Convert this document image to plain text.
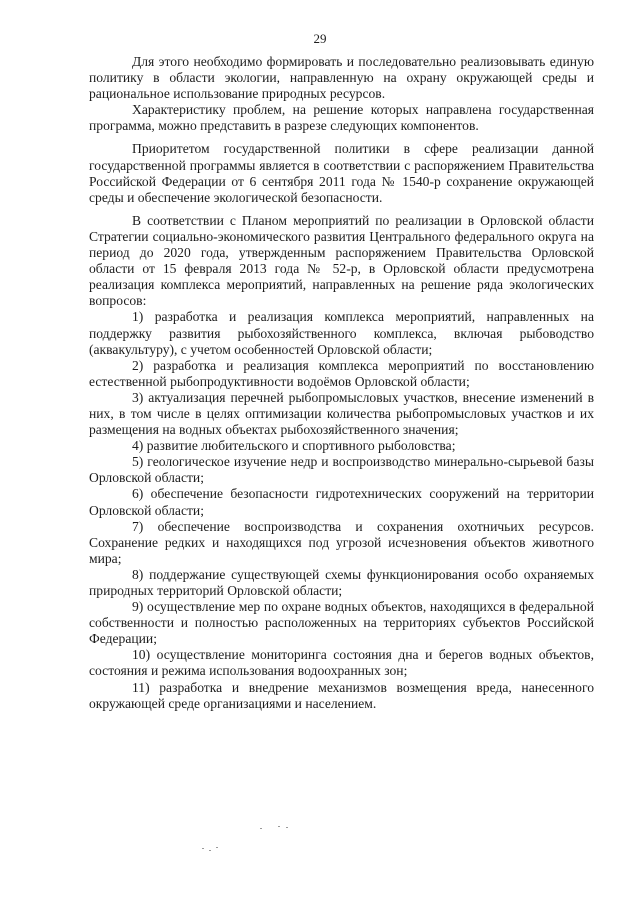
29

Для этого необходимо формировать и последовательно реализовывать единую политику в области экологии, направленную на охрану окружающей среды и рациональное использование природных ресурсов.

Характеристику проблем, на решение которых направлена государственная программа, можно представить в разрезе следующих компонентов.

Приоритетом государственной политики в сфере реализации данной государственной программы является в соответствии с распоряжением Правительства Российской Федерации от 6 сентября 2011 года № 1540-р сохранение окружающей среды и обеспечение экологической безопасности.

В соответствии с Планом мероприятий по реализации в Орловской области Стратегии социально-экономического развития Центрального федерального округа на период до 2020 года, утвержденным распоряжением Правительства Орловской области от 15 февраля 2013 года № 52-р, в Орловской области предусмотрена реализация комплекса мероприятий, направленных на решение ряда экологических вопросов:

1) разработка и реализация комплекса мероприятий, направленных на поддержку развития рыбохозяйственного комплекса, включая рыбоводство (аквакультуру), с учетом особенностей Орловской области;

2) разработка и реализация комплекса мероприятий по восстановлению естественной рыбопродуктивности водоёмов Орловской области;

3) актуализация перечней рыбопромысловых участков, внесение изменений в них, в том числе в целях оптимизации количества рыбопромысловых участков и их размещения на водных объектах рыбохозяйственного значения;

4) развитие любительского и спортивного рыболовства;

5) геологическое изучение недр и воспроизводство минерально-сырьевой базы Орловской области;

6) обеспечение безопасности гидротехнических сооружений на территории Орловской области;

7) обеспечение воспроизводства и сохранения охотничьих ресурсов. Сохранение редких и находящихся под угрозой исчезновения объектов животного мира;

8) поддержание существующей схемы функционирования особо охраняемых природных территорий Орловской области;

9) осуществление мер по охране водных объектов, находящихся в федеральной собственности и полностью расположенных на территориях субъектов Российской Федерации;

10) осуществление мониторинга состояния дна и берегов водных объектов, состояния и режима использования водоохранных зон;

11) разработка и внедрение механизмов возмещения вреда, нанесенного окружающей среде организациями и населением.
